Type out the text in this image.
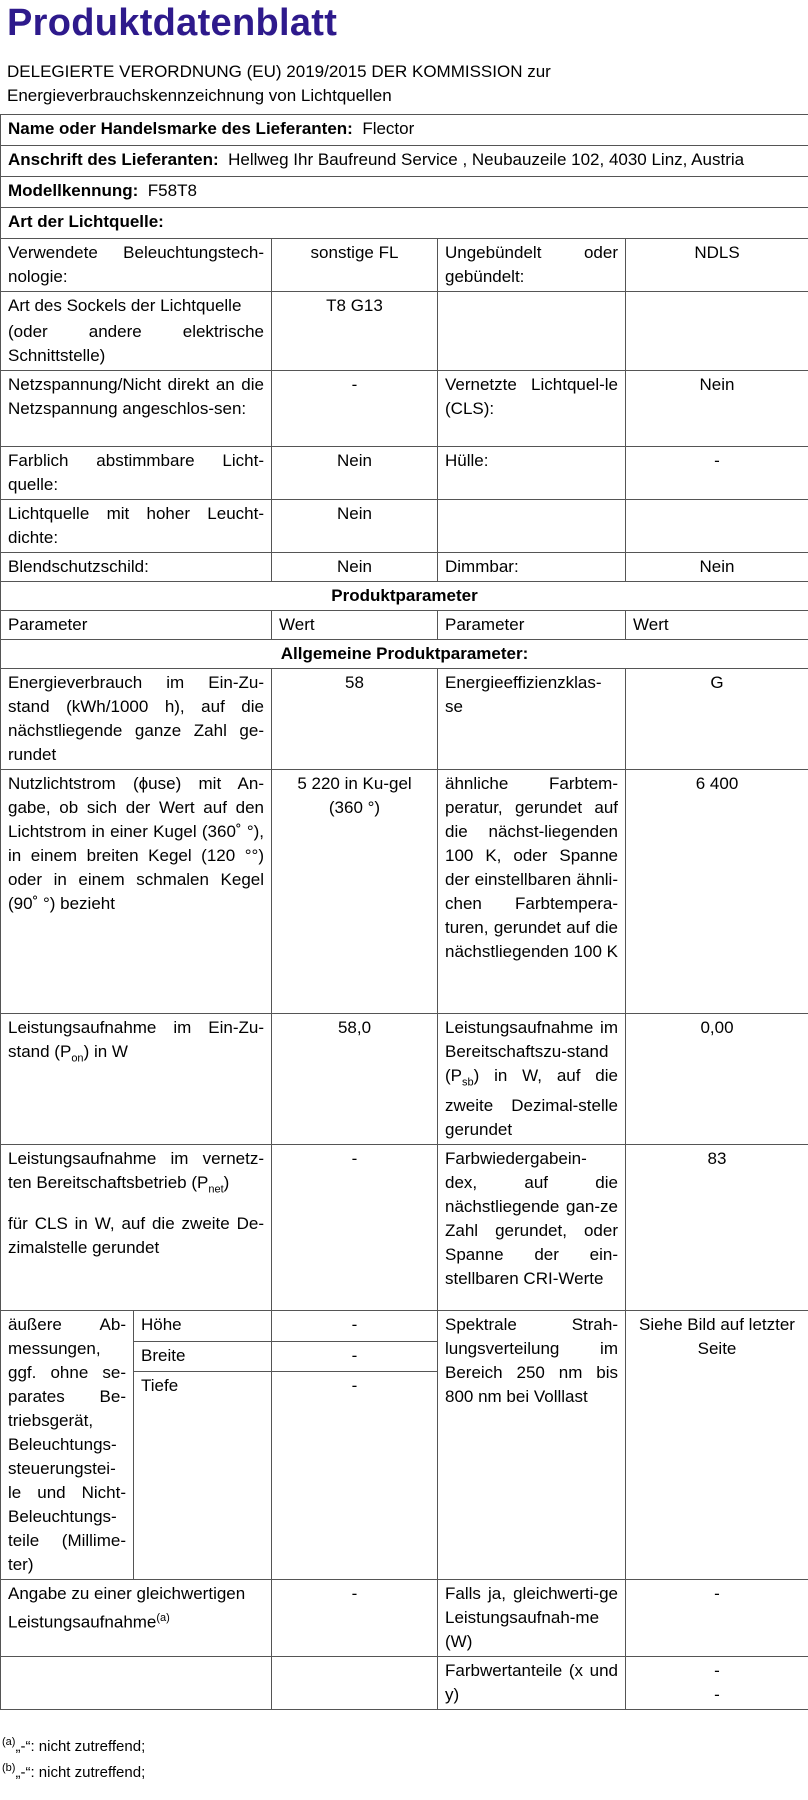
Produktdatenblatt
DELEGIERTE VERORDNUNG (EU) 2019/2015 DER KOMMISSION zur
Energieverbrauchskennzeichnung von Lichtquellen
Name oder Handelsmarke des Lieferanten: Flector				
Anschrift des Lieferanten: Hellweg Ihr Baufreund Service , Neubauzeile 102, 4030 Linz, Austria				
Modellkennung: F58T8				
Art der Lichtquelle:				
Verwendete Beleuchtungstech-nologie:		sonstige FL	Ungebündelt oder gebündelt:	NDLS

Art des Sockels der Lichtquelle
(oder andere elektrische Schnittstelle)		T8 G13		
Netzspannung/Nicht direkt an die Netzspannung angeschlos-sen:		-	Vernetzte Lichtquel-le (CLS):	Nein
Farblich abstimmbare Licht-quelle:		Nein	Hülle:	-
Lichtquelle mit hoher Leucht-dichte:		Nein		
Blendschutzschild:		Nein	Dimmbar:	Nein
Produktparameter				
Parameter		Wert	Parameter	Wert
Allgemeine Produktparameter:				
Energieverbrauch im Ein-Zu-stand (kWh/1000 h), auf die nächstliegende ganze Zahl ge-rundet		58	Energieeffizienzklas-se	G
Nutzlichtstrom (ϕuse) mit An-gabe, ob sich der Wert auf den Lichtstrom in einer Kugel (360˚ °), in einem breiten Kegel (120 °°) oder in einem schmalen Kegel (90˚ °) bezieht		5 220 in Ku-gel (360 °)	ähnliche Farbtem-peratur, gerundet auf die nächst-liegenden 100 K, oder Spanne der einstellbaren ähnli-chen Farbtempera-turen, gerundet auf die nächstliegenden 100 K	6 400
Leistungsaufnahme im Ein-Zu-stand $(P_{on})$ in W		58,0	Leistungsaufnahme im Bereitschaftszu-stand $(P_{sb})$ in W, auf die zweite Dezimal-stelle gerundet	0,00
Leistungsaufnahme im vernetz-ten Bereitschaftsbetrieb $(P_{net})$
für CLS in W, auf die zweite De-zimalstelle gerundet		-	Farbwiedergabein-dex, auf die nächstliegende gan-ze Zahl gerundet, oder Spanne der ein-stellbaren CRI-Werte	83
äußere Ab-messungen, ggf. ohne se-parates Be-triebsgerät, Beleuchtungs-steuerungstei-le und Nicht-Beleuchtungs-teile (Millime-ter)	Höhe	-	Spektrale Strah-lungsverteilung im Bereich 250 nm bis 800 nm bei Volllast	Siehe Bild auf letzter Seite
	Breite	-		
	Tiefe	-		
Angabe zu einer gleichwertigen Leistungsaufnahme$^{(a)}$		-	Falls ja, gleichwerti-ge Leistungsaufnah-me (W)	-
			Farbwertanteile (x und y)	-
-
$^{(a)}$„-“: nicht zutreffend;
$^{(b)}$„-“: nicht zutreffend;
